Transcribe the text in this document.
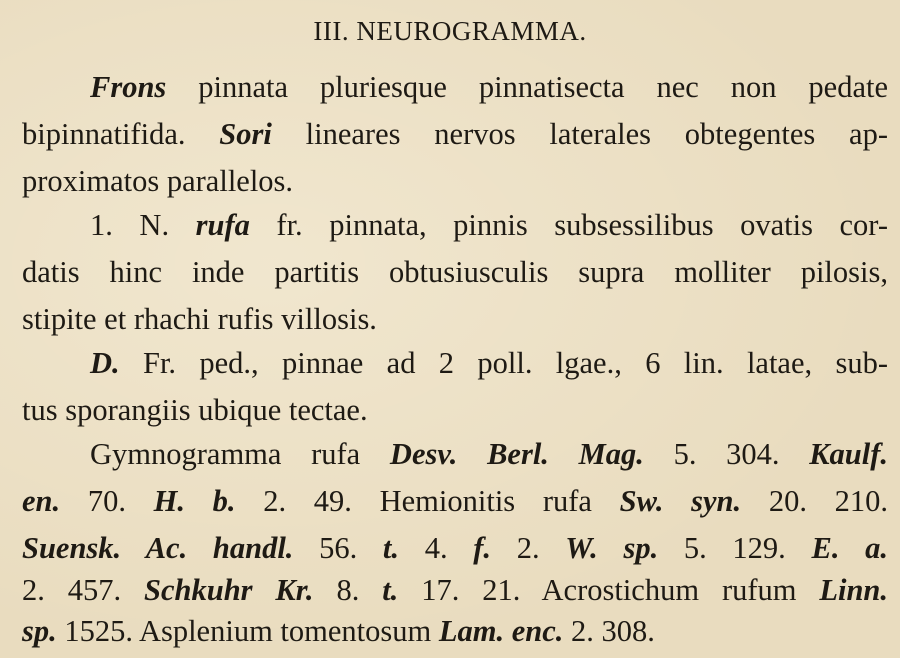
III. NEUROGRAMMA.
Frons pinnata pluriesque pinnatisecta nec non pedate
bipinnatifida. Sori lineares nervos laterales obtegentes ap-
proximatos parallelos.
1. N. rufa fr. pinnata, pinnis subsessilibus ovatis cor-
datis hinc inde partitis obtusiusculis supra molliter pilosis,
stipite et rhachi rufis villosis.
D. Fr. ped., pinnae ad 2 poll. lgae., 6 lin. latae, sub-
tus sporangiis ubique tectae.
Gymnogramma rufa Desv. Berl. Mag. 5. 304. Kaulf.
en. 70. H. b. 2. 49. Hemionitis rufa Sw. syn. 20. 210.
Suensk. Ac. handl. 56. t. 4. f. 2. W. sp. 5. 129. E. a.
2. 457. Schkuhr Kr. 8. t. 17. 21. Acrostichum rufum Linn.
sp. 1525. Asplenium tomentosum Lam. enc. 2. 308.
